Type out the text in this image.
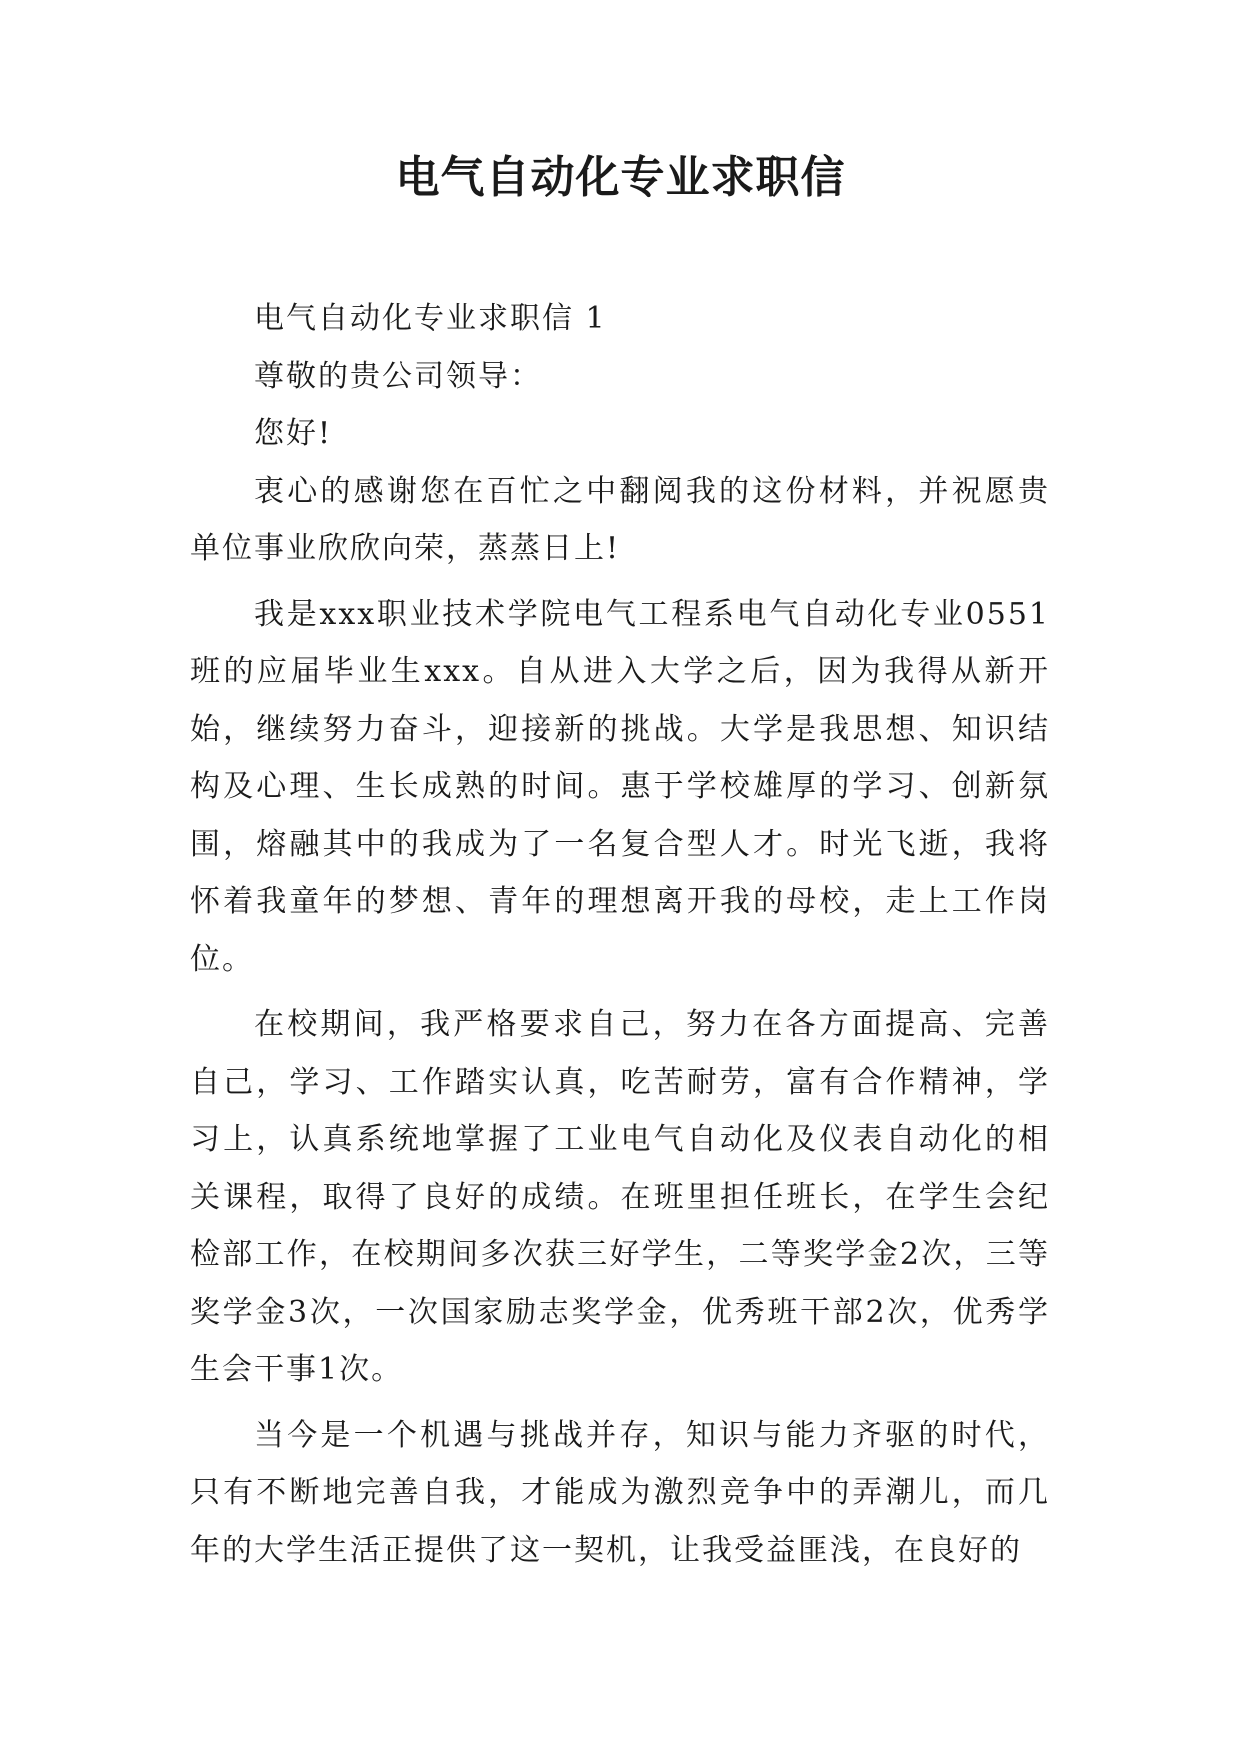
电气自动化专业求职信

电气自动化专业求职信 1

尊敬的贵公司领导：

您好!

衷心的感谢您在百忙之中翻阅我的这份材料，并祝愿贵单位事业欣欣向荣，蒸蒸日上!

我是xxx职业技术学院电气工程系电气自动化专业0551班的应届毕业生xxx。自从进入大学之后，因为我得从新开始，继续努力奋斗，迎接新的挑战。大学是我思想、知识结构及心理、生长成熟的时间。惠于学校雄厚的学习、创新氛围，熔融其中的我成为了一名复合型人才。时光飞逝，我将怀着我童年的梦想、青年的理想离开我的母校，走上工作岗位。

在校期间，我严格要求自己，努力在各方面提高、完善自己，学习、工作踏实认真，吃苦耐劳，富有合作精神，学习上，认真系统地掌握了工业电气自动化及仪表自动化的相关课程，取得了良好的成绩。在班里担任班长，在学生会纪检部工作，在校期间多次获三好学生，二等奖学金2次，三等奖学金3次，一次国家励志奖学金，优秀班干部2次，优秀学生会干事1次。

当今是一个机遇与挑战并存，知识与能力齐驱的时代，只有不断地完善自我，才能成为激烈竞争中的弄潮儿，而几年的大学生活正提供了这一契机，让我受益匪浅，在良好的
